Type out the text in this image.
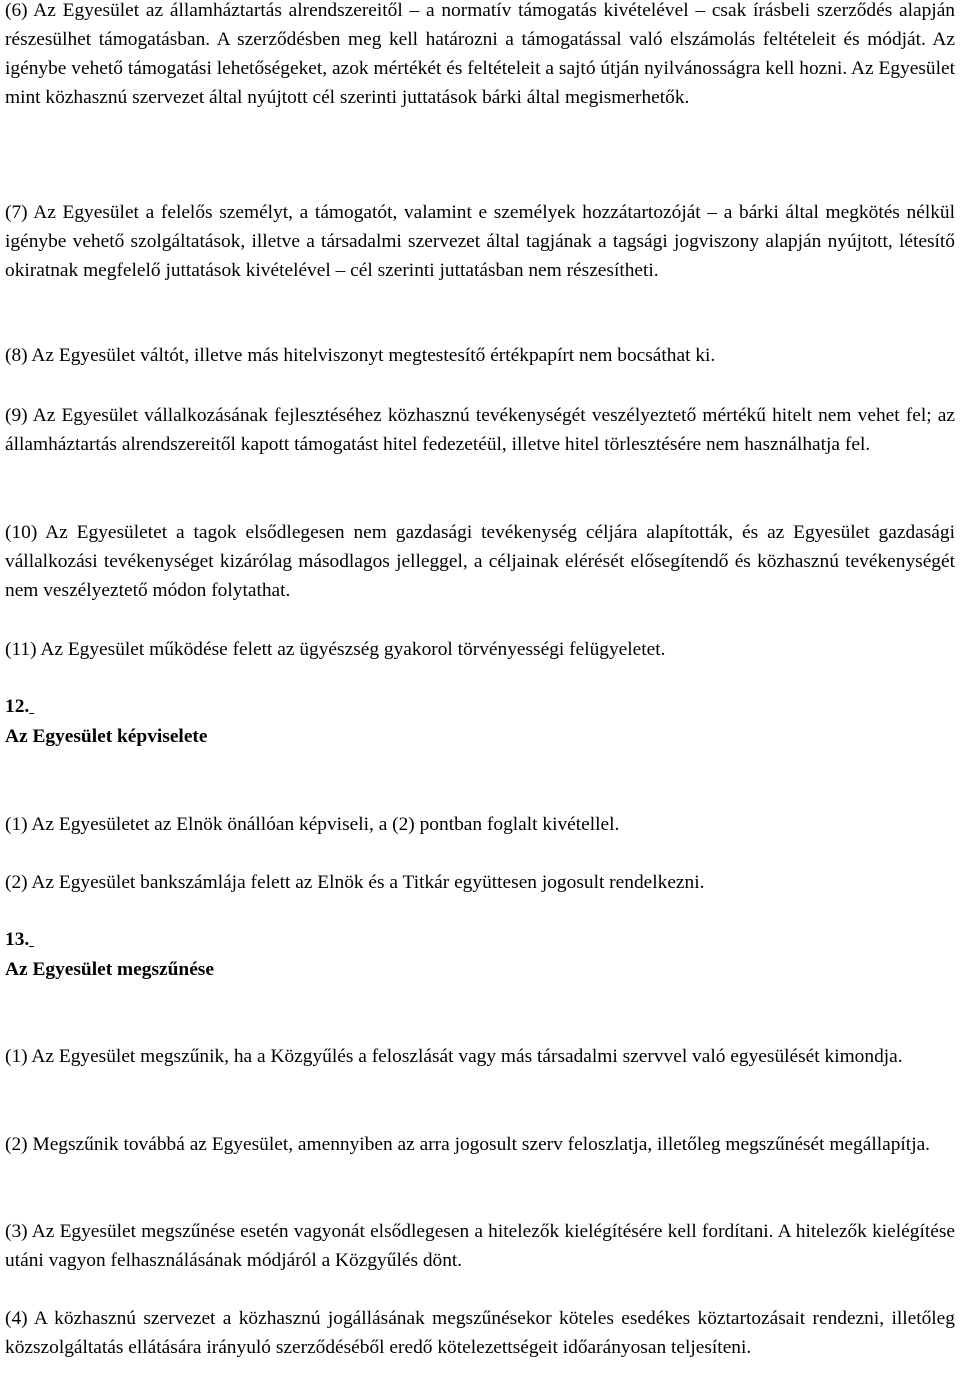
(6) Az Egyesület az államháztartás alrendszereitől – a normatív támogatás kivételével – csak írásbeli szerződés alapján részesülhet támogatásban. A szerződésben meg kell határozni a támogatással való elszámolás feltételeit és módját. Az igénybe vehető támogatási lehetőségeket, azok mértékét és feltételeit a sajtó útján nyilvánosságra kell hozni. Az Egyesület mint közhasznú szervezet által nyújtott cél szerinti juttatások bárki által megismerhetők.

(7) Az Egyesület a felelős személyt, a támogatót, valamint e személyek hozzátartozóját – a bárki által megkötés nélkül igénybe vehető szolgáltatások, illetve a társadalmi szervezet által tagjának a tagsági jogviszony alapján nyújtott, létesítő okiratnak megfelelő juttatások kivételével – cél szerinti juttatásban nem részesítheti.

(8) Az Egyesület váltót, illetve más hitelviszonyt megtestesítő értékpapírt nem bocsáthat ki.

(9) Az Egyesület vállalkozásának fejlesztéséhez közhasznú tevékenységét veszélyeztető mértékű hitelt nem vehet fel; az államháztartás alrendszereitől kapott támogatást hitel fedezetéül, illetve hitel törlesztésére nem használhatja fel.

(10) Az Egyesületet a tagok elsődlegesen nem gazdasági tevékenység céljára alapították, és az Egyesület gazdasági vállalkozási tevékenységet kizárólag másodlagos jelleggel, a céljainak elérését elősegítendő és közhasznú tevékenységét nem veszélyeztető módon folytathat.

(11) Az Egyesület működése felett az ügyészség gyakorol törvényességi felügyeletet.

12.

Az Egyesület képviselete

(1) Az Egyesületet az Elnök önállóan képviseli, a (2) pontban foglalt kivétellel.

(2) Az Egyesület bankszámlája felett az Elnök és a Titkár együttesen jogosult rendelkezni.

13.

Az Egyesület megszűnése

(1) Az Egyesület megszűnik, ha a Közgyűlés a feloszlását vagy más társadalmi szervvel való egyesülését kimondja.

(2) Megszűnik továbbá az Egyesület, amennyiben az arra jogosult szerv feloszlatja, illetőleg megszűnését megállapítja.

(3) Az Egyesület megszűnése esetén vagyonát elsődlegesen a hitelezők kielégítésére kell fordítani. A hitelezők kielégítése utáni vagyon felhasználásának módjáról a Közgyűlés dönt.

(4) A közhasznú szervezet a közhasznú jogállásának megszűnésekor köteles esedékes köztartozásait rendezni, illetőleg közszolgáltatás ellátására irányuló szerződéséből eredő kötelezettségeit időarányosan teljesíteni.
